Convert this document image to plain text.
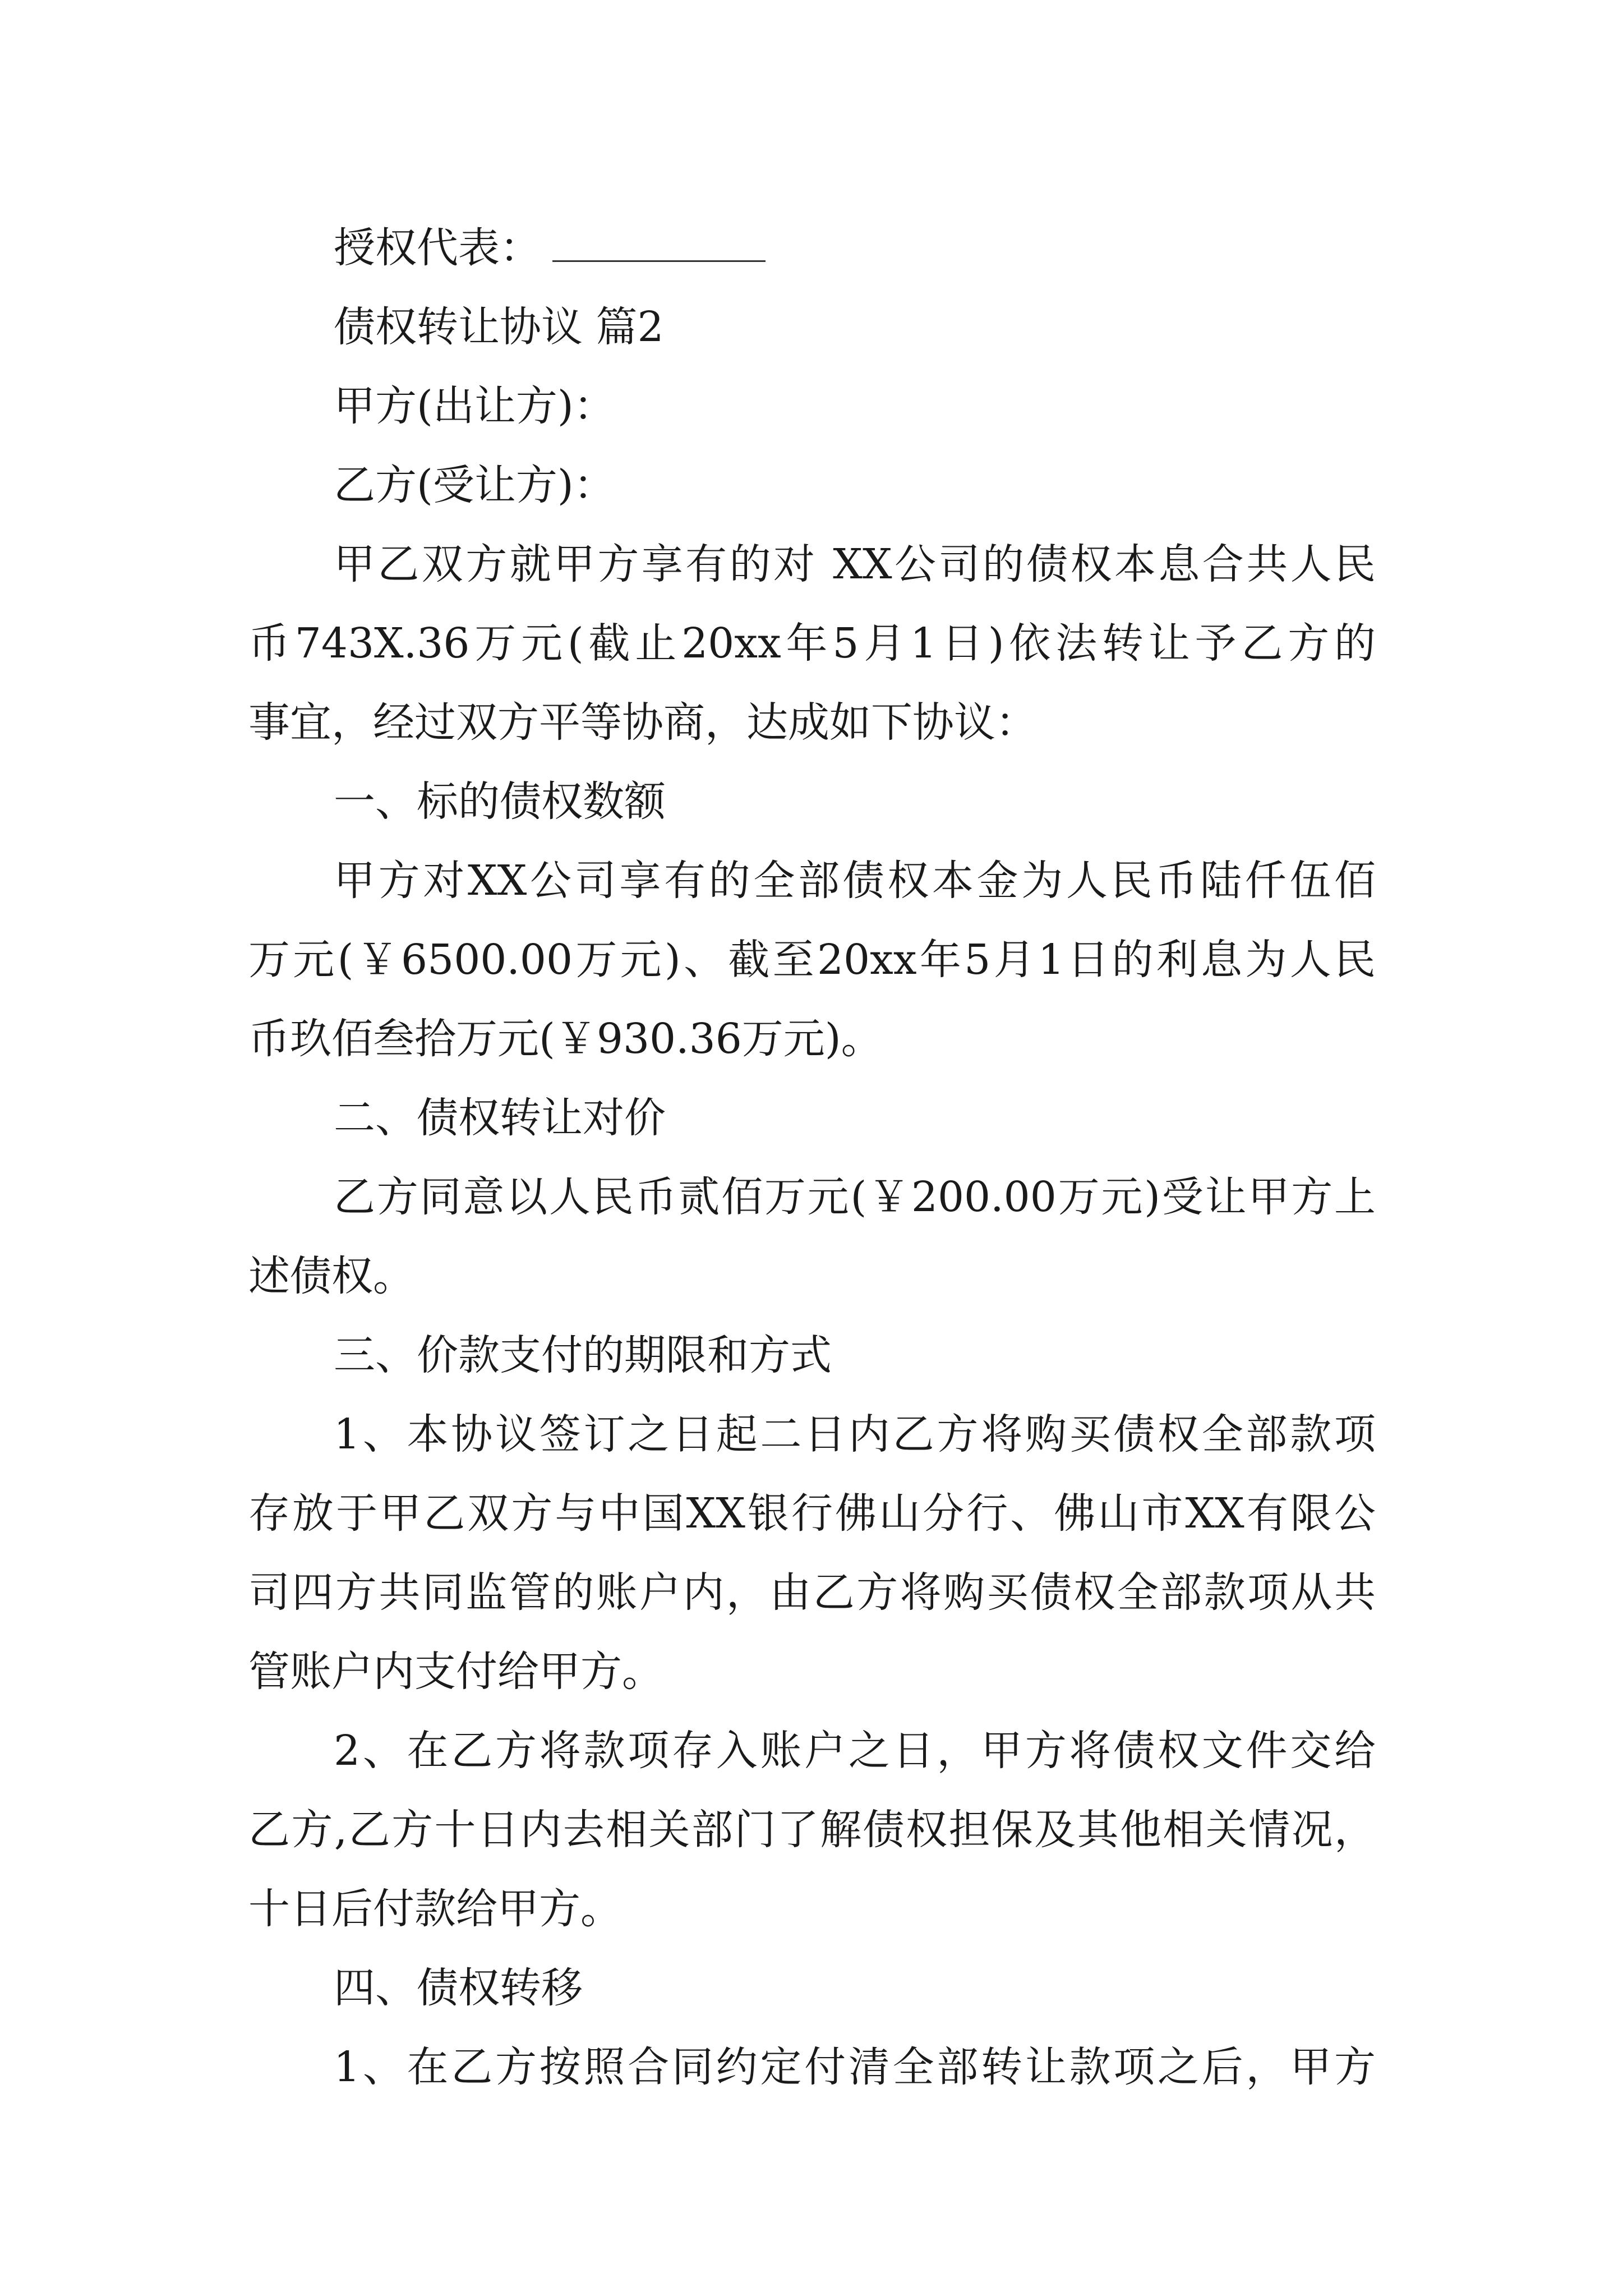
授权代表：
债权转让协议 篇2
甲方(出让方)：
乙方(受让方)：
甲乙双方就甲方享有的对 XX公司的债权本息合共人民
币743X.36万元(截止20xx年5月1日)依法转让予乙方的
事宜，经过双方平等协商，达成如下协议：
一、标的债权数额
甲方对XX公司享有的全部债权本金为人民币陆仟伍佰
万元(￥6500.00万元)、截至20xx年5月1日的利息为人民
币玖佰叁拾万元(￥930.36万元)。
二、债权转让对价
乙方同意以人民币贰佰万元(￥200.00万元)受让甲方上
述债权。
三、价款支付的期限和方式
1、本协议签订之日起二日内乙方将购买债权全部款项
存放于甲乙双方与中国XX银行佛山分行、佛山市XX有限公
司四方共同监管的账户内，由乙方将购买债权全部款项从共
管账户内支付给甲方。
2、在乙方将款项存入账户之日，甲方将债权文件交给
乙方,乙方十日内去相关部门了解债权担保及其他相关情况，
十日后付款给甲方。
四、债权转移
1、在乙方按照合同约定付清全部转让款项之后，甲方
